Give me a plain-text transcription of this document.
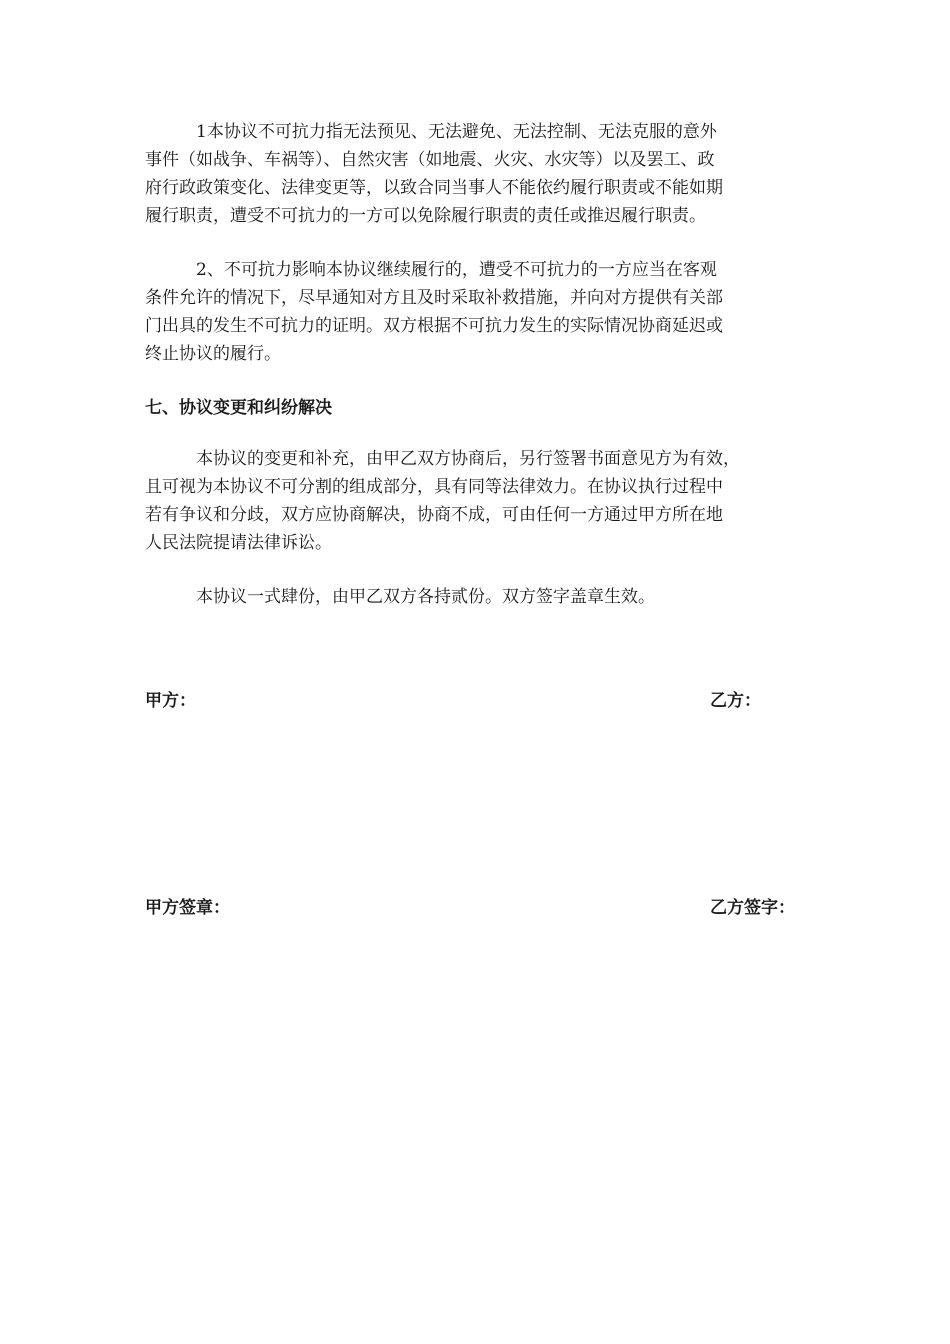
　　　1本协议不可抗力指无法预见、无法避免、无法控制、无法克服的意外
事件（如战争、车祸等）、自然灾害（如地震、火灾、水灾等）以及罢工、政
府行政政策变化、法律变更等，以致合同当事人不能依约履行职责或不能如期
履行职责，遭受不可抗力的一方可以免除履行职责的责任或推迟履行职责。

　　　2、不可抗力影响本协议继续履行的，遭受不可抗力的一方应当在客观
条件允许的情况下，尽早通知对方且及时采取补救措施，并向对方提供有关部
门出具的发生不可抗力的证明。双方根据不可抗力发生的实际情况协商延迟或
终止协议的履行。

七、协议变更和纠纷解决

　　　本协议的变更和补充，由甲乙双方协商后，另行签署书面意见方为有效，
且可视为本协议不可分割的组成部分，具有同等法律效力。在协议执行过程中
若有争议和分歧，双方应协商解决，协商不成，可由任何一方通过甲方所在地
人民法院提请法律诉讼。

　　　本协议一式肆份，由甲乙双方各持贰份。双方签字盖章生效。

甲方：	乙方：

甲方签章：	乙方签字：
